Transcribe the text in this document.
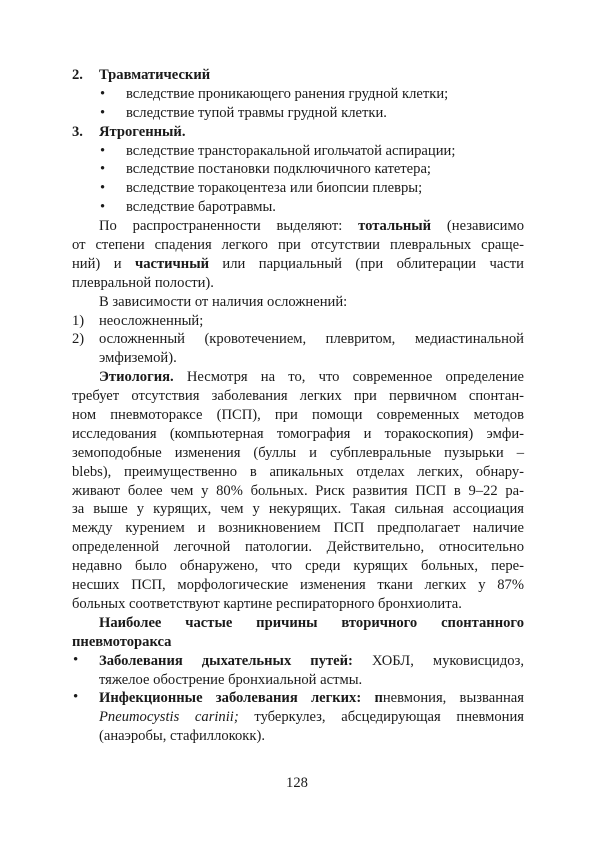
2. Травматический
• вследствие проникающего ранения грудной клетки;
• вследствие тупой травмы грудной клетки.
3. Ятрогенный.
• вследствие трансторакальной игольчатой аспирации;
• вследствие постановки подключичного катетера;
• вследствие торакоцентеза или биопсии плевры;
• вследствие баротравмы.
По распространенности выделяют: тотальный (независимо
от степени спадения легкого при отсутствии плевральных сраще-
ний) и частичный или парциальный (при облитерации части
плевральной полости).
В зависимости от наличия осложнений:
1) неосложненный;
2) осложненный (кровотечением, плевритом, медиастинальной
эмфиземой).
Этиология. Несмотря на то, что современное определение
требует отсутствия заболевания легких при первичном спонтан-
ном пневмотораксе (ПСП), при помощи современных методов
исследования (компьютерная томография и торакоскопия) эмфи-
земоподобные изменения (буллы и субплевральные пузырьки –
blebs), преимущественно в апикальных отделах легких, обнару-
живают более чем у 80% больных. Риск развития ПСП в 9–22 ра-
за выше у курящих, чем у некурящих. Такая сильная ассоциация
между курением и возникновением ПСП предполагает наличие
определенной легочной патологии. Действительно, относительно
недавно было обнаружено, что среди курящих больных, пере-
несших ПСП, морфологические изменения ткани легких у 87%
больных соответствуют картине респираторного бронхиолита.
Наиболее частые причины вторичного спонтанного
пневмоторакса
• Заболевания дыхательных путей: ХОБЛ, муковисцидоз,
тяжелое обострение бронхиальной астмы.
• Инфекционные заболевания легких: пневмония, вызванная
Pneumocystis carinii; туберкулез, абсцедирующая пневмония
(анаэробы, стафиллококк).
128
